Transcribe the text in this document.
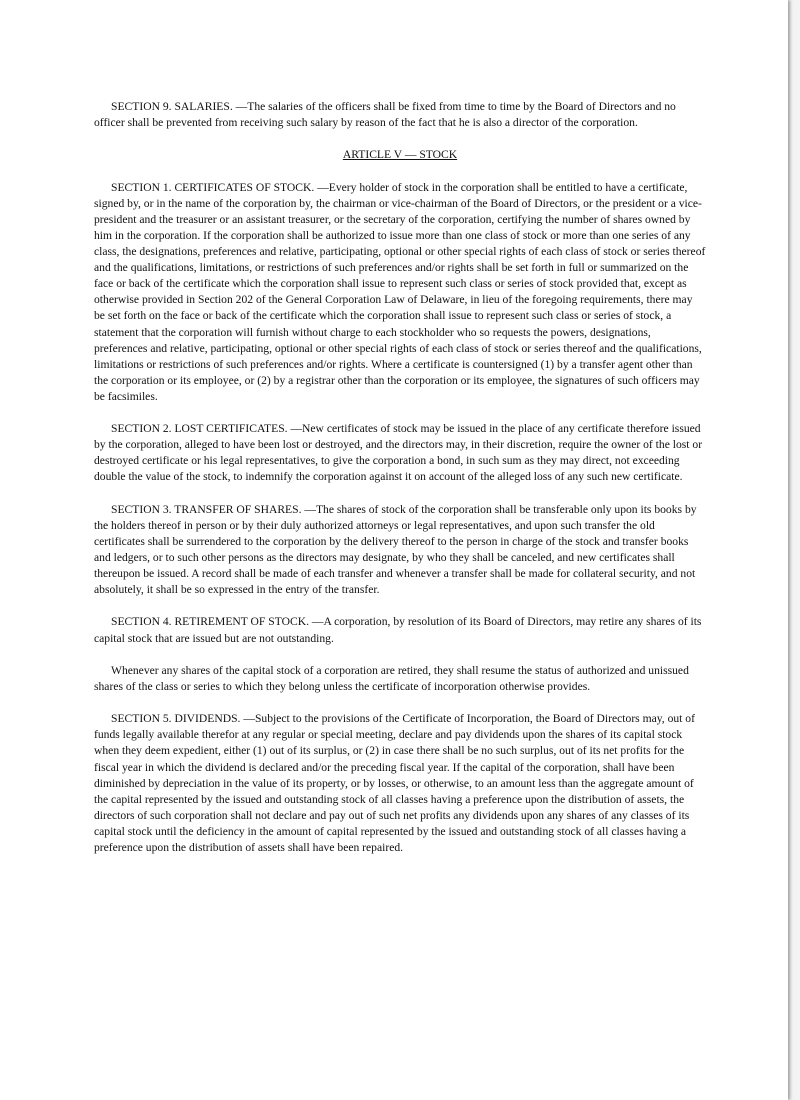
SECTION 9. SALARIES. —The salaries of the officers shall be fixed from time to time by the Board of Directors and no officer shall be prevented from receiving such salary by reason of the fact that he is also a director of the corporation.

ARTICLE V — STOCK

SECTION 1. CERTIFICATES OF STOCK. —Every holder of stock in the corporation shall be entitled to have a certificate, signed by, or in the name of the corporation by, the chairman or vice-chairman of the Board of Directors, or the president or a vice-president and the treasurer or an assistant treasurer, or the secretary of the corporation, certifying the number of shares owned by him in the corporation. If the corporation shall be authorized to issue more than one class of stock or more than one series of any class, the designations, preferences and relative, participating, optional or other special rights of each class of stock or series thereof and the qualifications, limitations, or restrictions of such preferences and/or rights shall be set forth in full or summarized on the face or back of the certificate which the corporation shall issue to represent such class or series of stock provided that, except as otherwise provided in Section 202 of the General Corporation Law of Delaware, in lieu of the foregoing requirements, there may be set forth on the face or back of the certificate which the corporation shall issue to represent such class or series of stock, a statement that the corporation will furnish without charge to each stockholder who so requests the powers, designations, preferences and relative, participating, optional or other special rights of each class of stock or series thereof and the qualifications, limitations or restrictions of such preferences and/or rights. Where a certificate is countersigned (1) by a transfer agent other than the corporation or its employee, or (2) by a registrar other than the corporation or its employee, the signatures of such officers may be facsimiles.

SECTION 2. LOST CERTIFICATES. —New certificates of stock may be issued in the place of any certificate therefore issued by the corporation, alleged to have been lost or destroyed, and the directors may, in their discretion, require the owner of the lost or destroyed certificate or his legal representatives, to give the corporation a bond, in such sum as they may direct, not exceeding double the value of the stock, to indemnify the corporation against it on account of the alleged loss of any such new certificate.

SECTION 3. TRANSFER OF SHARES. —The shares of stock of the corporation shall be transferable only upon its books by the holders thereof in person or by their duly authorized attorneys or legal representatives, and upon such transfer the old certificates shall be surrendered to the corporation by the delivery thereof to the person in charge of the stock and transfer books and ledgers, or to such other persons as the directors may designate, by who they shall be canceled, and new certificates shall thereupon be issued. A record shall be made of each transfer and whenever a transfer shall be made for collateral security, and not absolutely, it shall be so expressed in the entry of the transfer.

SECTION 4. RETIREMENT OF STOCK. —A corporation, by resolution of its Board of Directors, may retire any shares of its capital stock that are issued but are not outstanding.

Whenever any shares of the capital stock of a corporation are retired, they shall resume the status of authorized and unissued shares of the class or series to which they belong unless the certificate of incorporation otherwise provides.

SECTION 5. DIVIDENDS. —Subject to the provisions of the Certificate of Incorporation, the Board of Directors may, out of funds legally available therefor at any regular or special meeting, declare and pay dividends upon the shares of its capital stock when they deem expedient, either (1) out of its surplus, or (2) in case there shall be no such surplus, out of its net profits for the fiscal year in which the dividend is declared and/or the preceding fiscal year. If the capital of the corporation, shall have been diminished by depreciation in the value of its property, or by losses, or otherwise, to an amount less than the aggregate amount of the capital represented by the issued and outstanding stock of all classes having a preference upon the distribution of assets, the directors of such corporation shall not declare and pay out of such net profits any dividends upon any shares of any classes of its capital stock until the deficiency in the amount of capital represented by the issued and outstanding stock of all classes having a preference upon the distribution of assets shall have been repaired.
